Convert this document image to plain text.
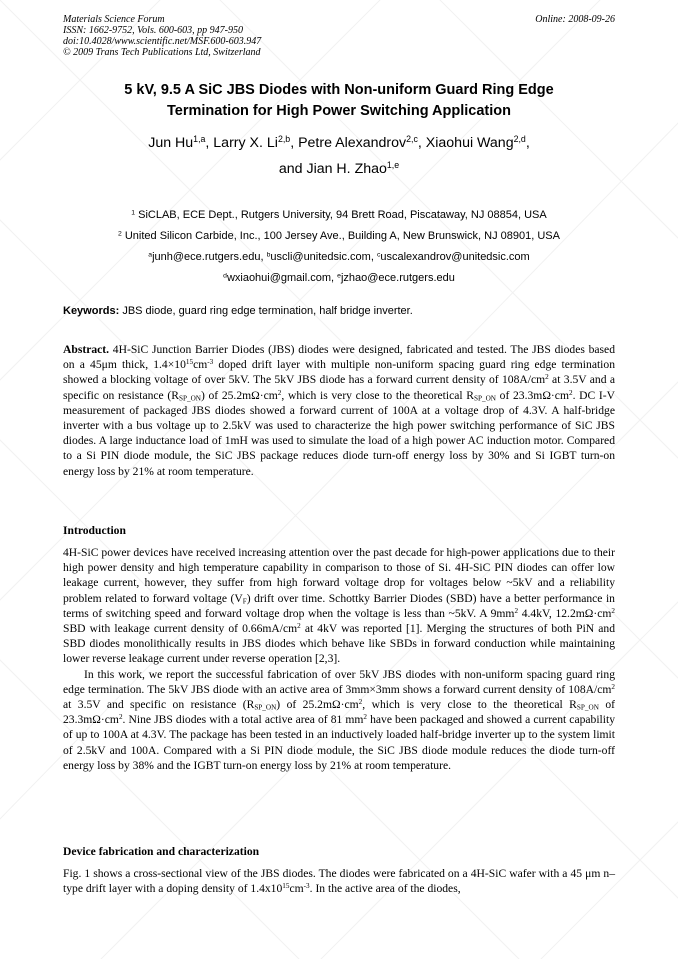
Materials Science Forum
ISSN: 1662-9752, Vols. 600-603, pp 947-950
doi:10.4028/www.scientific.net/MSF.600-603.947
© 2009 Trans Tech Publications Ltd, Switzerland
Online: 2008-09-26
5 kV, 9.5 A SiC JBS Diodes with Non-uniform Guard Ring Edge
Termination for High Power Switching Application
Jun Hu$^{1,a}$, Larry X. Li$^{2,b}$, Petre Alexandrov$^{2,c}$, Xiaohui Wang$^{2,d}$,
and Jian H. Zhao$^{1,e}$
$^1$ SiCLAB, ECE Dept., Rutgers University, 94 Brett Road, Piscataway, NJ 08854, USA
$^2$ United Silicon Carbide, Inc., 100 Jersey Ave., Building A, New Brunswick, NJ 08901, USA
$^a$junh@ece.rutgers.edu, $^b$uscli@unitedsic.com, $^c$uscalexandrov@unitedsic.com
$^d$wxiaohui@gmail.com, $^e$jzhao@ece.rutgers.edu
Keywords: JBS diode, guard ring edge termination, half bridge inverter.

Abstract. 4H-SiC Junction Barrier Diodes (JBS) diodes were designed, fabricated and tested. The JBS diodes based on a 45μm thick, $1.4\times 10^{15}cm^{-3}$ doped drift layer with multiple non-uniform spacing guard ring edge termination showed a blocking voltage of over 5kV. The 5kV JBS diode has a forward current density of $108A/cm^2$ at 3.5V and a specific on resistance $(R_{SP\_ON})$ of $25.2m\Omega\cdot cm^2$, which is very close to the theoretical $R_{SP\_ON}$ of $23.3m\Omega\cdot cm^2$. DC I-V measurement of packaged JBS diodes showed a forward current of 100A at a voltage drop of 4.3V. A half-bridge inverter with a bus voltage up to 2.5kV was used to characterize the high power switching performance of SiC JBS diodes. A large inductance load of 1mH was used to simulate the load of a high power AC induction motor. Compared to a Si PIN diode module, the SiC JBS package reduces diode turn-off energy loss by 30% and Si IGBT turn-on energy loss by 21% at room temperature.

Introduction

4H-SiC power devices have received increasing attention over the past decade for high-power applications due to their high power density and high temperature capability in comparison to those of Si. 4H-SiC PIN diodes can offer low leakage current, however, they suffer from high forward voltage drop for voltages below ~5kV and a reliability problem related to forward voltage $(V_F)$ drift over time. Schottky Barrier Diodes (SBD) have a better performance in terms of switching speed and forward voltage drop when the voltage is less than ~5kV. A $9mm^2$ 4.4kV, $12.2m\Omega\cdot cm^2$ SBD with leakage current density of $0.66mA/cm^2$ at 4kV was reported [1]. Merging the structures of both PiN and SBD diodes monolithically results in JBS diodes which behave like SBDs in forward conduction while maintaining lower reverse leakage current under reverse operation [2,3].

In this work, we report the successful fabrication of over 5kV JBS diodes with non-uniform spacing guard ring edge termination. The 5kV JBS diode with an active area of 3mm×3mm shows a forward current density of $108A/cm^2$ at 3.5V and specific on resistance $(R_{SP\_ON})$ of $25.2m\Omega\cdot cm^2$, which is very close to the theoretical $R_{SP\_ON}$ of $23.3m\Omega\cdot cm^2$. Nine JBS diodes with a total active area of 81 $mm^2$ have been packaged and showed a current capability of up to 100A at 4.3V. The package has been tested in an inductively loaded half-bridge inverter up to the system limit of 2.5kV and 100A. Compared with a Si PIN diode module, the SiC JBS diode module reduces the diode turn-off energy loss by 38% and the IGBT turn-on energy loss by 21% at room temperature.

Device fabrication and characterization

Fig. 1 shows a cross-sectional view of the JBS diodes. The diodes were fabricated on a 4H-SiC wafer with a 45 μm n–type drift layer with a doping density of $1.4x10^{15}cm^{-3}$. In the active area of the diodes,
